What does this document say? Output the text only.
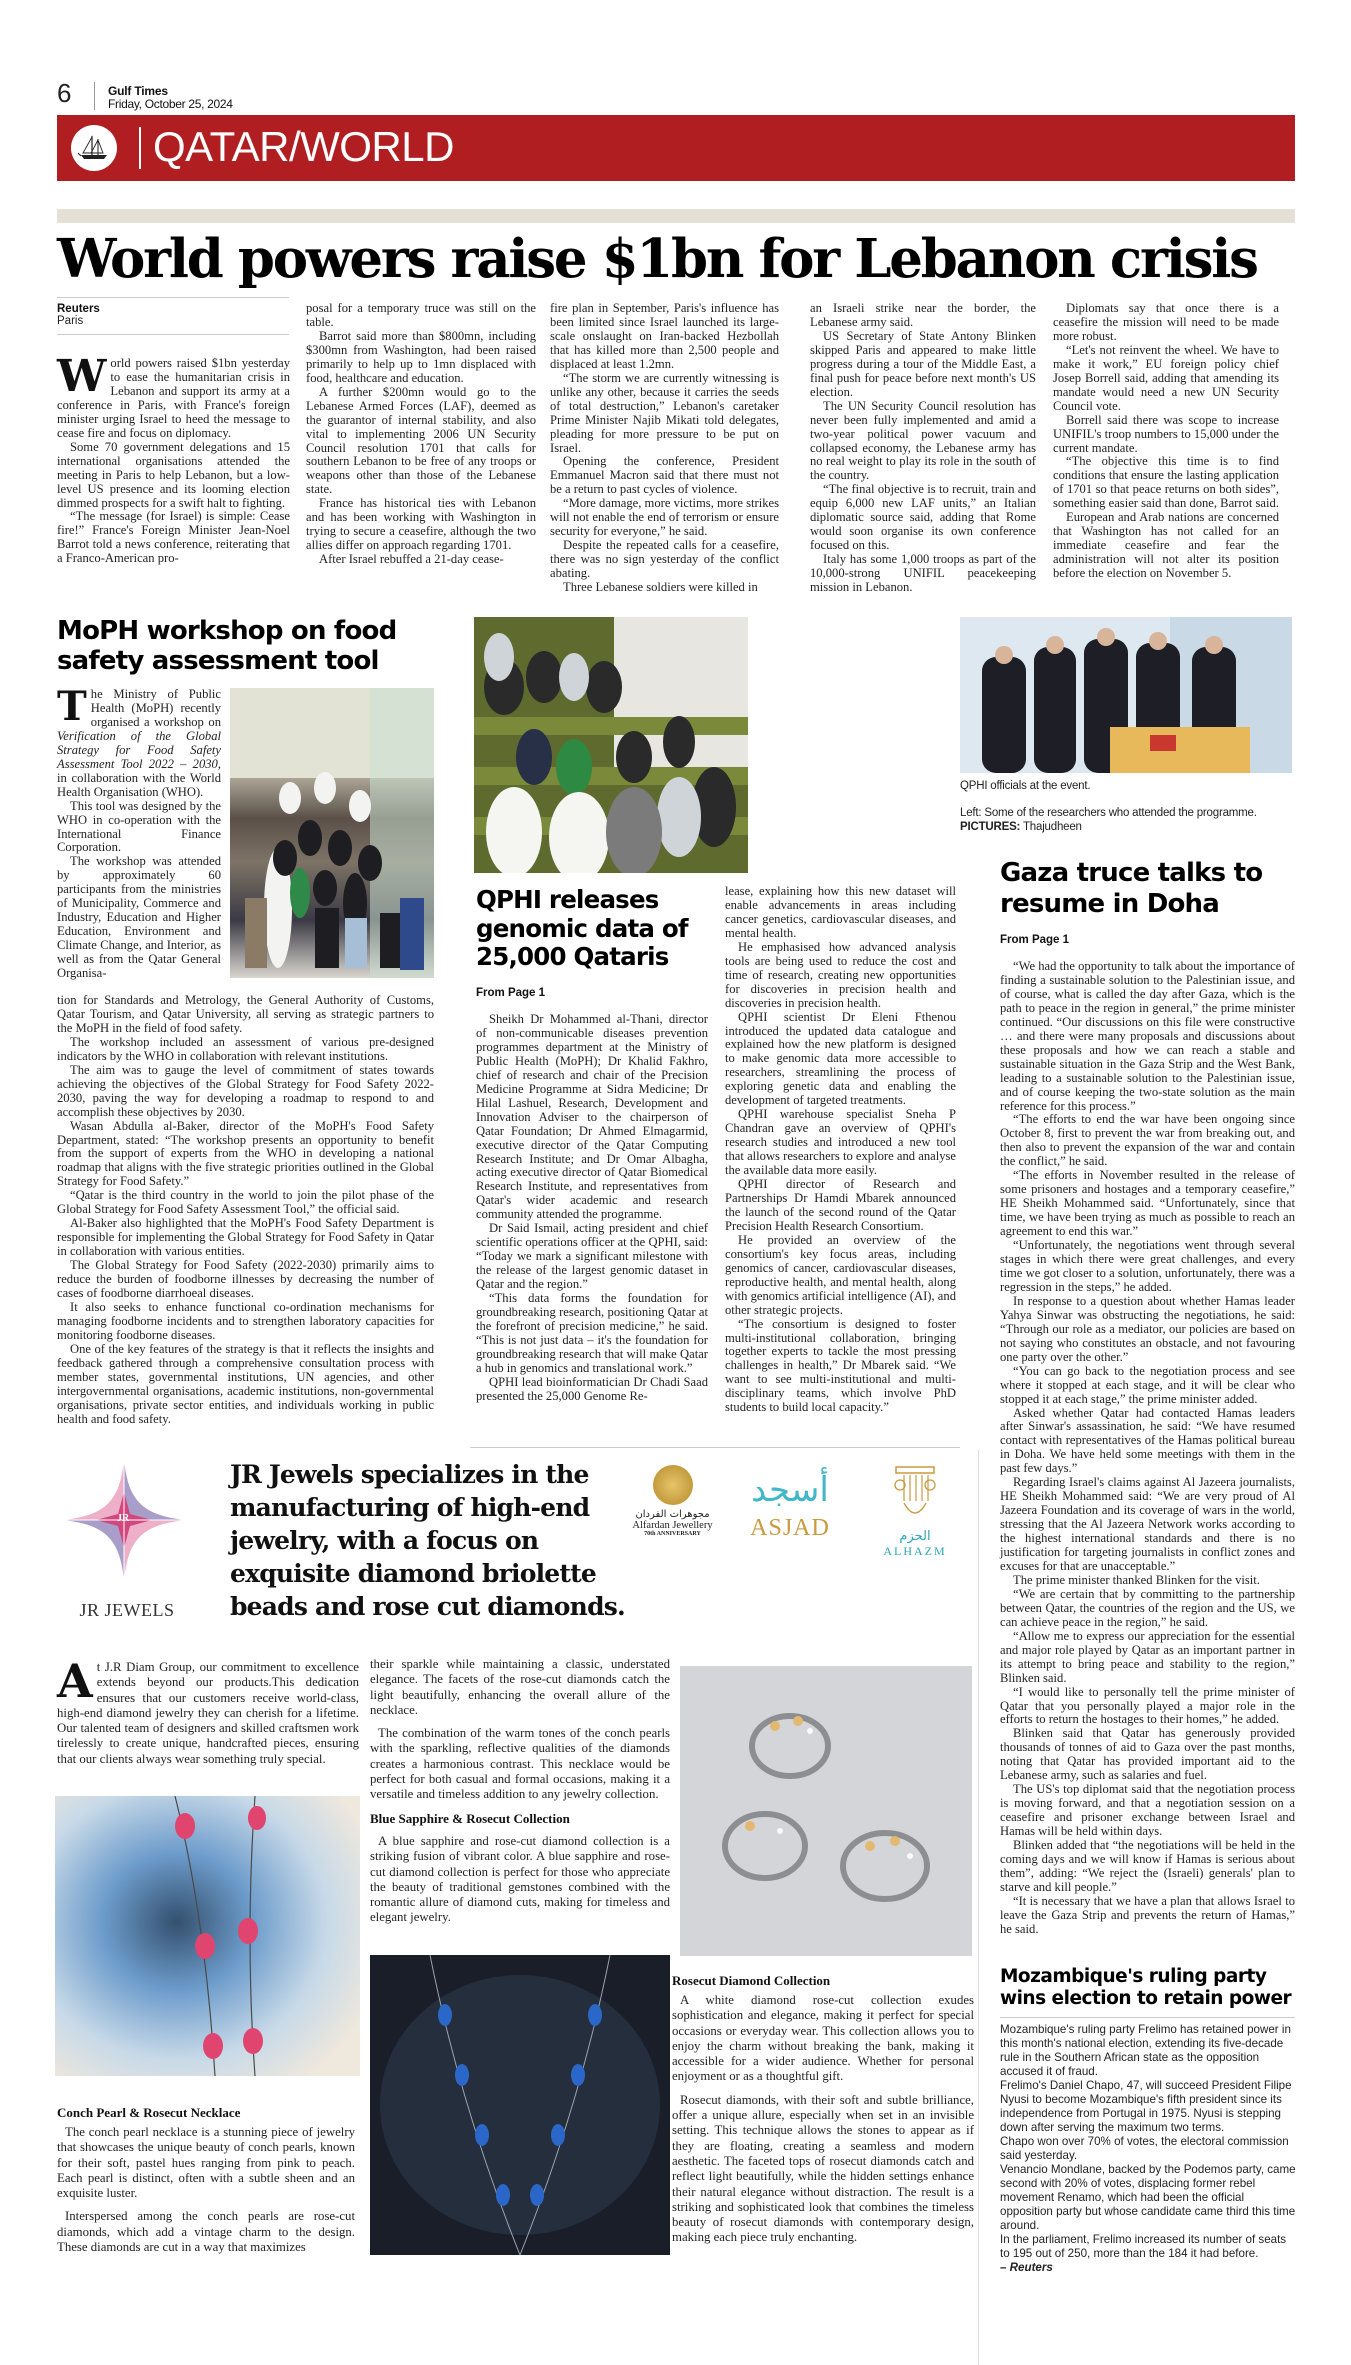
6	Gulf Times
Friday, October 25, 2024
QATAR/WORLD
World powers raise $1bn for Lebanon crisis
Reuters
Paris

World powers raised $1bn yesterday to ease the humanitarian crisis in Lebanon and support its army at a conference in Paris, with France's foreign minister urging Israel to heed the message to cease fire and focus on diplomacy.

Some 70 government delegations and 15 international organisations attended the meeting in Paris to help Lebanon, but a low-level US presence and its looming election dimmed prospects for a swift halt to fighting.

“The message (for Israel) is simple: Cease fire!” France's Foreign Minister Jean-Noel Barrot told a news conference, reiterating that a Franco-American pro-

posal for a temporary truce was still on the table.

Barrot said more than $800mn, including $300mn from Washington, had been raised primarily to help up to 1mn displaced with food, healthcare and education.

A further $200mn would go to the Lebanese Armed Forces (LAF), deemed as the guarantor of internal stability, and also vital to implementing 2006 UN Security Council resolution 1701 that calls for southern Lebanon to be free of any troops or weapons other than those of the Lebanese state.

France has historical ties with Lebanon and has been working with Washington in trying to secure a ceasefire, although the two allies differ on approach regarding 1701.

After Israel rebuffed a 21-day cease-

fire plan in September, Paris's influence has been limited since Israel launched its large-scale onslaught on Iran-backed Hezbollah that has killed more than 2,500 people and displaced at least 1.2mn.

“The storm we are currently witnessing is unlike any other, because it carries the seeds of total destruction,” Lebanon's caretaker Prime Minister Najib Mikati told delegates, pleading for more pressure to be put on Israel.

Opening the conference, President Emmanuel Macron said that there must not be a return to past cycles of violence.

“More damage, more victims, more strikes will not enable the end of terrorism or ensure security for everyone,” he said.

Despite the repeated calls for a ceasefire, there was no sign yesterday of the conflict abating.

Three Lebanese soldiers were killed in

an Israeli strike near the border, the Lebanese army said.

US Secretary of State Antony Blinken skipped Paris and appeared to make little progress during a tour of the Middle East, a final push for peace before next month's US election.

The UN Security Council resolution has never been fully implemented and amid a two-year political power vacuum and collapsed economy, the Lebanese army has no real weight to play its role in the south of the country.

“The final objective is to recruit, train and equip 6,000 new LAF units,” an Italian diplomatic source said, adding that Rome would soon organise its own conference focused on this.

Italy has some 1,000 troops as part of the 10,000-strong UNIFIL peacekeeping mission in Lebanon.

Diplomats say that once there is a ceasefire the mission will need to be made more robust.

“Let's not reinvent the wheel. We have to make it work,” EU foreign policy chief Josep Borrell said, adding that amending its mandate would need a new UN Security Council vote.

Borrell said there was scope to increase UNIFIL's troop numbers to 15,000 under the current mandate.

“The objective this time is to find conditions that ensure the lasting application of 1701 so that peace returns on both sides”, something easier said than done, Barrot said.

European and Arab nations are concerned that Washington has not called for an immediate ceasefire and fear the administration will not alter its position before the election on November 5.

MoPH workshop on food safety assessment tool

The Ministry of Public Health (MoPH) recently organised a workshop on Verification of the Global Strategy for Food Safety Assessment Tool 2022 – 2030, in collaboration with the World Health Organisation (WHO).

This tool was designed by the WHO in co-operation with the International Finance Corporation.

The workshop was attended by approximately 60 participants from the ministries of Municipality, Commerce and Industry, Education and Higher Education, Environment and Climate Change, and Interior, as well as from the Qatar General Organisa-

tion for Standards and Metrology, the General Authority of Customs, Qatar Tourism, and Qatar University, all serving as strategic partners to the MoPH in the field of food safety.

The workshop included an assessment of various pre-designed indicators by the WHO in collaboration with relevant institutions.

The aim was to gauge the level of commitment of states towards achieving the objectives of the Global Strategy for Food Safety 2022-2030, paving the way for developing a roadmap to respond to and accomplish these objectives by 2030.

Wasan Abdulla al-Baker, director of the MoPH's Food Safety Department, stated: “The workshop presents an opportunity to benefit from the support of experts from the WHO in developing a national roadmap that aligns with the five strategic priorities outlined in the Global Strategy for Food Safety.”

“Qatar is the third country in the world to join the pilot phase of the Global Strategy for Food Safety Assessment Tool,” the official said.

Al-Baker also highlighted that the MoPH's Food Safety Department is responsible for implementing the Global Strategy for Food Safety in Qatar in collaboration with various entities.

The Global Strategy for Food Safety (2022-2030) primarily aims to reduce the burden of foodborne illnesses by decreasing the number of cases of foodborne diarrhoeal diseases.

It also seeks to enhance functional co-ordination mechanisms for managing foodborne incidents and to strengthen laboratory capacities for monitoring foodborne diseases.

One of the key features of the strategy is that it reflects the insights and feedback gathered through a comprehensive consultation process with member states, governmental institutions, UN agencies, and other intergovernmental organisations, academic institutions, non-governmental organisations, private sector entities, and individuals working in public health and food safety.

QPHI officials at the event.
Left: Some of the researchers who attended the programme.
PICTURES: Thajudheen
QPHI releases genomic data of 25,000 Qataris
From Page 1

Sheikh Dr Mohammed al-Thani, director of non-communicable diseases prevention programmes department at the Ministry of Public Health (MoPH); Dr Khalid Fakhro, chief of research and chair of the Precision Medicine Programme at Sidra Medicine; Dr Hilal Lashuel, Research, Development and Innovation Adviser to the chairperson of Qatar Foundation; Dr Ahmed Elmagarmid, executive director of the Qatar Computing Research Institute; and Dr Omar Albagha, acting executive director of Qatar Biomedical Research Institute, and representatives from Qatar's wider academic and research community attended the programme.

Dr Said Ismail, acting president and chief scientific operations officer at the QPHI, said: “Today we mark a significant milestone with the release of the largest genomic dataset in Qatar and the region.”

“This data forms the foundation for groundbreaking research, positioning Qatar at the forefront of precision medicine,” he said. “This is not just data – it's the foundation for groundbreaking research that will make Qatar a hub in genomics and translational work.”

QPHI lead bioinformatician Dr Chadi Saad presented the 25,000 Genome Re-

lease, explaining how this new dataset will enable advancements in areas including cancer genetics, cardiovascular diseases, and mental health.

He emphasised how advanced analysis tools are being used to reduce the cost and time of research, creating new opportunities for discoveries in precision health and discoveries in precision health.

QPHI scientist Dr Eleni Fthenou introduced the updated data catalogue and explained how the new platform is designed to make genomic data more accessible to researchers, streamlining the process of exploring genetic data and enabling the development of targeted treatments.

QPHI warehouse specialist Sneha P Chandran gave an overview of QPHI's research studies and introduced a new tool that allows researchers to explore and analyse the available data more easily.

QPHI director of Research and Partnerships Dr Hamdi Mbarek announced the launch of the second round of the Qatar Precision Health Research Consortium.

He provided an overview of the consortium's key focus areas, including genomics of cancer, cardiovascular diseases, reproductive health, and mental health, along with genomics artificial intelligence (AI), and other strategic projects.

“The consortium is designed to foster multi-institutional collaboration, bringing together experts to tackle the most pressing challenges in health,” Dr Mbarek said. “We want to see multi-institutional and multi-disciplinary teams, which involve PhD students to build local capacity.”

Gaza truce talks to resume in Doha
From Page 1

“We had the opportunity to talk about the importance of finding a sustainable solution to the Palestinian issue, and of course, what is called the day after Gaza, which is the path to peace in the region in general,” the prime minister continued. “Our discussions on this file were constructive … and there were many proposals and discussions about these proposals and how we can reach a stable and sustainable situation in the Gaza Strip and the West Bank, leading to a sustainable solution to the Palestinian issue, and of course keeping the two-state solution as the main reference for this process.”

“The efforts to end the war have been ongoing since October 8, first to prevent the war from breaking out, and then also to prevent the expansion of the war and contain the conflict,” he said.

“The efforts in November resulted in the release of some prisoners and hostages and a temporary ceasefire,” HE Sheikh Mohammed said. “Unfortunately, since that time, we have been trying as much as possible to reach an agreement to end this war.”

“Unfortunately, the negotiations went through several stages in which there were great challenges, and every time we got closer to a solution, unfortunately, there was a regression in the steps,” he added.

In response to a question about whether Hamas leader Yahya Sinwar was obstructing the negotiations, he said: “Through our role as a mediator, our policies are based on not saying who constitutes an obstacle, and not favouring one party over the other.”

“You can go back to the negotiation process and see where it stopped at each stage, and it will be clear who stopped it at each stage,” the prime minister added.

Asked whether Qatar had contacted Hamas leaders after Sinwar's assassination, he said: “We have resumed contact with representatives of the Hamas political bureau in Doha. We have held some meetings with them in the past few days.”

Regarding Israel's claims against Al Jazeera journalists, HE Sheikh Mohammed said: “We are very proud of Al Jazeera Foundation and its coverage of wars in the world, stressing that the Al Jazeera Network works according to the highest international standards and there is no justification for targeting journalists in conflict zones and excuses for that are unacceptable.”

The prime minister thanked Blinken for the visit.

“We are certain that by committing to the partnership between Qatar, the countries of the region and the US, we can achieve peace in the region,” he said.

“Allow me to express our appreciation for the essential and major role played by Qatar as an important partner in its attempt to bring peace and stability to the region,” Blinken said.

“I would like to personally tell the prime minister of Qatar that you personally played a major role in the efforts to return the hostages to their homes,” he added.

Blinken said that Qatar has generously provided thousands of tonnes of aid to Gaza over the past months, noting that Qatar has provided important aid to the Lebanese army, such as salaries and fuel.

The US's top diplomat said that the negotiation process is moving forward, and that a negotiation session on a ceasefire and prisoner exchange between Israel and Hamas will be held within days.

Blinken added that “the negotiations will be held in the coming days and we will know if Hamas is serious about them”, adding: “We reject the (Israeli) generals' plan to starve and kill people.”

“It is necessary that we have a plan that allows Israel to leave the Gaza Strip and prevents the return of Hamas,” he said.

Mozambique's ruling party wins election to retain power

Mozambique's ruling party Frelimo has retained power in this month's national election, extending its five-decade rule in the Southern African state as the opposition accused it of fraud.

Frelimo's Daniel Chapo, 47, will succeed President Filipe Nyusi to become Mozambique's fifth president since its independence from Portugal in 1975. Nyusi is stepping down after serving the maximum two terms.

Chapo won over 70% of votes, the electoral commission said yesterday.

Venancio Mondlane, backed by the Podemos party, came second with 20% of votes, displacing former rebel movement Renamo, which had been the official opposition party but whose candidate came third this time around.

In the parliament, Frelimo increased its number of seats to 195 out of 250, more than the 184 it had before.

– Reuters

JR
JR JEWELS
JR Jewels specializes in the manufacturing of high-end jewelry, with a focus on exquisite diamond briolette beads and rose cut diamonds.
مجوهرات الفردان
Alfardan Jewellery
70th ANNIVERSARY
أسجد
ASJAD	الحزم
ALHAZM

At J.R Diam Group, our commitment to excellence extends beyond our products.This dedication ensures that our customers receive world-class, high-end diamond jewelry they can cherish for a lifetime. Our talented team of designers and skilled craftsmen work tirelessly to create unique, handcrafted pieces, ensuring that our clients always wear something truly special.

Conch Pearl & Rosecut Necklace

The conch pearl necklace is a stunning piece of jewelry that showcases the unique beauty of conch pearls, known for their soft, pastel hues ranging from pink to peach. Each pearl is distinct, often with a subtle sheen and an exquisite luster.

Interspersed among the conch pearls are rose-cut diamonds, which add a vintage charm to the design. These diamonds are cut in a way that maximizes

their sparkle while maintaining a classic, understated elegance. The facets of the rose-cut diamonds catch the light beautifully, enhancing the overall allure of the necklace.

The combination of the warm tones of the conch pearls with the sparkling, reflective qualities of the diamonds creates a harmonious contrast. This necklace would be perfect for both casual and formal occasions, making it a versatile and timeless addition to any jewelry collection.

Blue Sapphire & Rosecut Collection

A blue sapphire and rose-cut diamond collection is a striking fusion of vibrant color. A blue sapphire and rose-cut diamond collection is perfect for those who appreciate the beauty of traditional gemstones combined with the romantic allure of diamond cuts, making for timeless and elegant jewelry.

Rosecut Diamond Collection

A white diamond rose-cut collection exudes sophistication and elegance, making it perfect for special occasions or everyday wear. This collection allows you to enjoy the charm without breaking the bank, making it accessible for a wider audience. Whether for personal enjoyment or as a thoughtful gift.

Rosecut diamonds, with their soft and subtle brilliance, offer a unique allure, especially when set in an invisible setting. This technique allows the stones to appear as if they are floating, creating a seamless and modern aesthetic. The faceted tops of rosecut diamonds catch and reflect light beautifully, while the hidden settings enhance their natural elegance without distraction. The result is a striking and sophisticated look that combines the timeless beauty of rosecut diamonds with contemporary design, making each piece truly enchanting.
